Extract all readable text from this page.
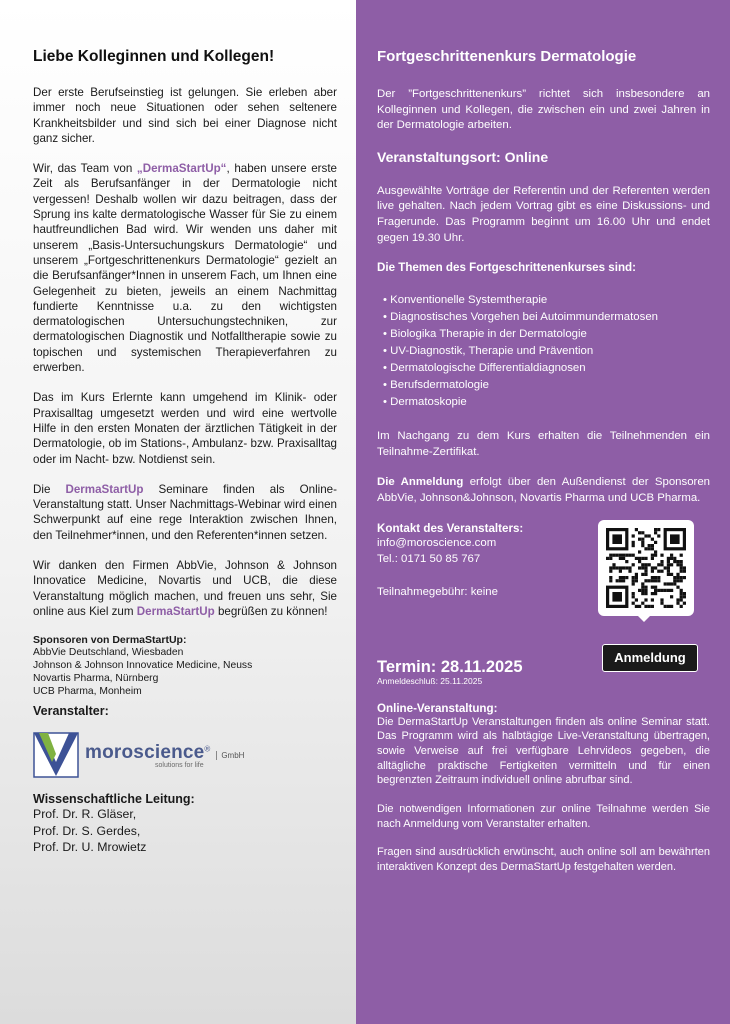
Liebe Kolleginnen und Kollegen!

Der erste Berufseinstieg ist gelungen. Sie erleben aber immer noch neue Situationen oder sehen seltenere Krankheitsbilder und sind sich bei einer Diagnose nicht ganz sicher.

Wir, das Team von „DermaStartUp“, haben unsere erste Zeit als Berufsanfänger in der Dermatologie nicht vergessen! Deshalb wollen wir dazu beitragen, dass der Sprung ins kalte dermatologische Wasser für Sie zu einem hautfreundlichen Bad wird. Wir wenden uns daher mit unserem „Basis-Untersuchungskurs Dermatologie“ und unserem „Fortgeschrittenenkurs Dermatologie“ gezielt an die Berufsanfänger*Innen in unserem Fach, um Ihnen eine Gelegenheit zu bieten, jeweils an einem Nachmittag fundierte Kenntnisse u.a. zu den wichtigsten dermatologischen Untersuchungstechniken, zur dermatologischen Diagnostik und Notfalltherapie sowie zu topischen und systemischen Therapieverfahren zu erwerben.

Das im Kurs Erlernte kann umgehend im Klinik- oder Praxisalltag umgesetzt werden und wird eine wertvolle Hilfe in den ersten Monaten der ärztlichen Tätigkeit in der Dermatologie, ob im Stations-, Ambulanz- bzw. Praxisalltag oder im Nacht- bzw. Notdienst sein.

Die DermaStartUp Seminare finden als Online-Veranstaltung statt. Unser Nachmittags-Webinar wird einen Schwerpunkt auf eine rege Interaktion zwischen Ihnen, den Teilnehmer*innen, und den Referenten*innen setzen.

Wir danken den Firmen AbbVie, Johnson & Johnson Innovatice Medicine, Novartis und UCB, die diese Veranstaltung möglich machen, und freuen uns sehr, Sie online aus Kiel zum DermaStartUp begrüßen zu können!

Sponsoren von DermaStartUp:
AbbVie Deutschland, Wiesbaden
Johnson & Johnson Innovatice Medicine, Neuss
Novartis Pharma, Nürnberg
UCB Pharma, Monheim
Veranstalter:
moroscience®
solutions for life
GmbH
Wissenschaftliche Leitung:
Prof. Dr. R. Gläser,
Prof. Dr. S. Gerdes,
Prof. Dr. U. Mrowietz
Fortgeschrittenenkurs Dermatologie

Der ”Fortgeschrittenenkurs” richtet sich insbesondere an Kolleginnen und Kollegen, die zwischen ein und zwei Jahren in der Dermatologie arbeiten.

Veranstaltungsort: Online

Ausgewählte Vorträge der Referentin und der Referenten werden live gehalten. Nach jedem Vortrag gibt es eine Diskussions- und Fragerunde. Das Programm beginnt um 16.00 Uhr und endet gegen 19.30 Uhr.

Die Themen des Fortgeschrittenenkurses sind:
• Konventionelle Systemtherapie
• Diagnostisches Vorgehen bei Autoimmundermatosen
• Biologika Therapie in der Dermatologie
• UV-Diagnostik, Therapie und Prävention
• Dermatologische Differentialdiagnosen
• Berufsdermatologie
• Dermatoskopie

Im Nachgang zu dem Kurs erhalten die Teilnehmenden ein Teilnahme-Zertifikat.

Die Anmeldung erfolgt über den Außendienst der Sponsoren AbbVie, Johnson&Johnson, Novartis Pharma und UCB Pharma.

Kontakt des Veranstalters:
info@moroscience.com
Tel.: 0171 50 85 767
Teilnahmegebühr: keine
Anmeldung
Termin: 28.11.2025
Anmeldeschluß: 25.11.2025
Online-Veranstaltung:

Die DermaStartUp Veranstaltungen finden als online Seminar statt. Das Programm wird als halbtägige Live-Veranstaltung übertragen, sowie Verweise auf frei verfügbare Lehrvideos gegeben, die alltägliche praktische Fertigkeiten vermitteln und für einen begrenzten Zeitraum individuell online abrufbar sind.

Die notwendigen Informationen zur online Teilnahme werden Sie nach Anmeldung vom Veranstalter erhalten.

Fragen sind ausdrücklich erwünscht, auch online soll am bewährten interaktiven Konzept des DermaStartUp festgehalten werden.
